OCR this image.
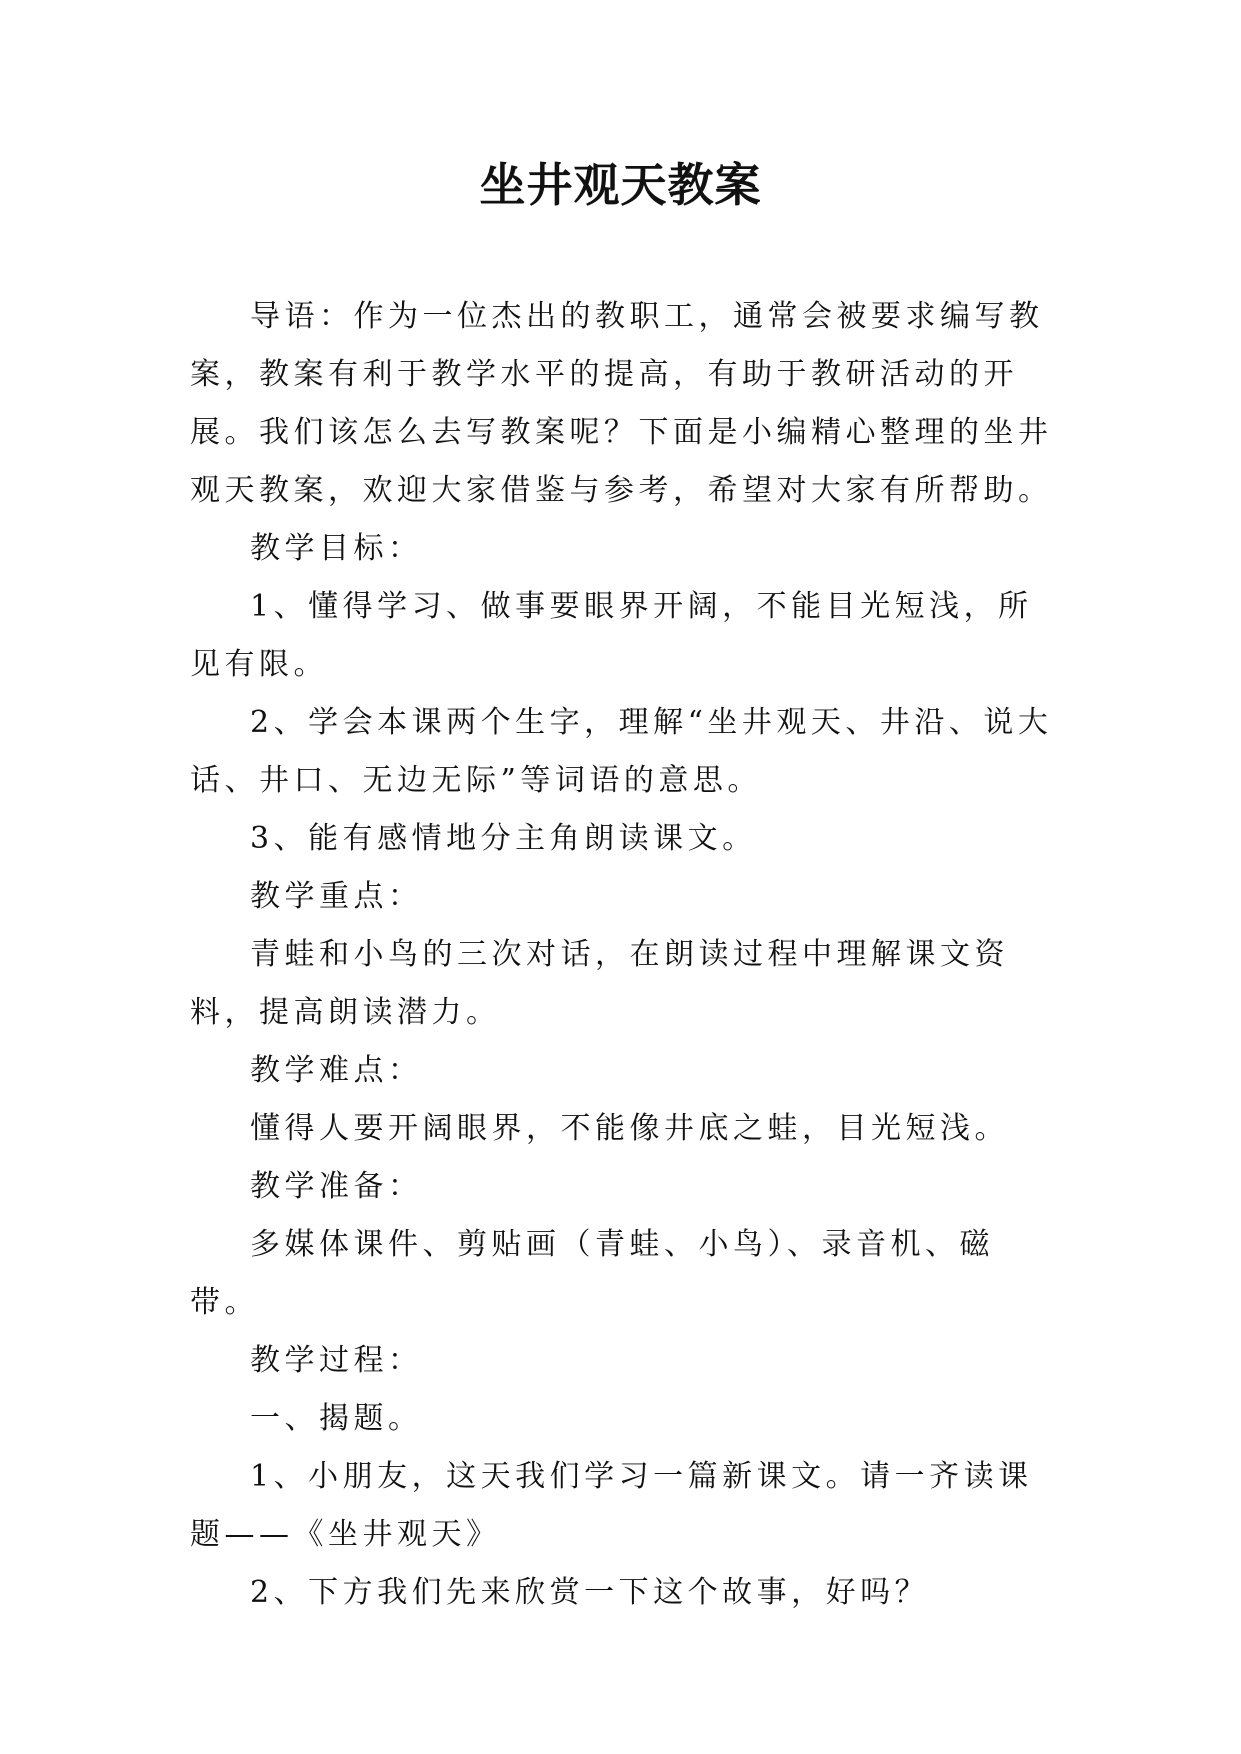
坐井观天教案

导语：作为一位杰出的教职工，通常会被要求编写教案，教案有利于教学水平的提高，有助于教研活动的开展。我们该怎么去写教案呢？下面是小编精心整理的坐井观天教案，欢迎大家借鉴与参考，希望对大家有所帮助。

教学目标：

1、懂得学习、做事要眼界开阔，不能目光短浅，所见有限。

2、学会本课两个生字，理解“坐井观天、井沿、说大话、井口、无边无际”等词语的意思。

3、能有感情地分主角朗读课文。

教学重点：

青蛙和小鸟的三次对话，在朗读过程中理解课文资料，提高朗读潜力。

教学难点：

懂得人要开阔眼界，不能像井底之蛙，目光短浅。

教学准备：

多媒体课件、剪贴画（青蛙、小鸟）、录音机、磁带。

教学过程：

一、揭题。

1、小朋友，这天我们学习一篇新课文。请一齐读课题——《坐井观天》

2、下方我们先来欣赏一下这个故事，好吗？
